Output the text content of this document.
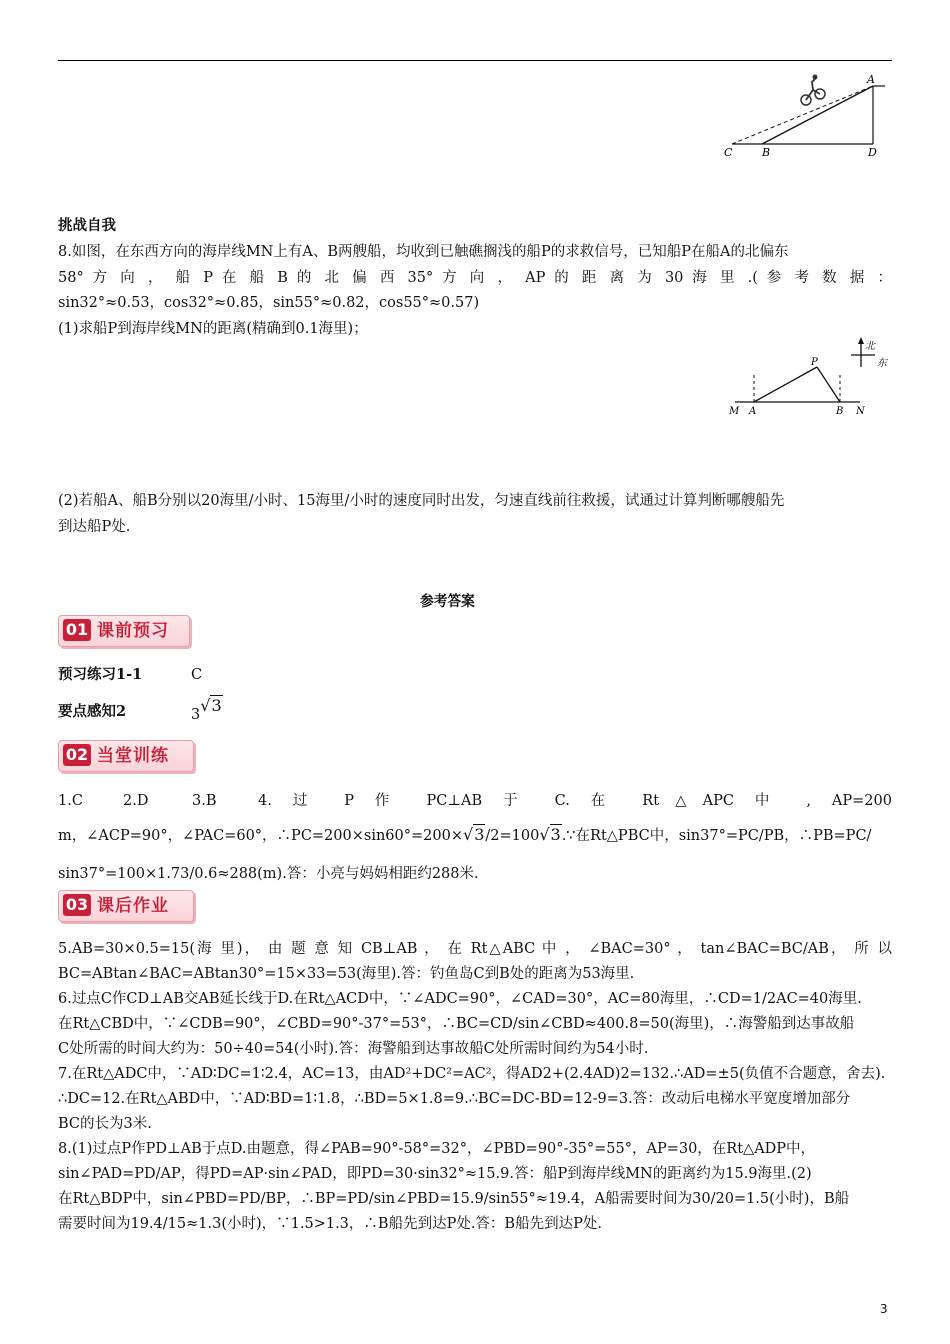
A
C	B	D
挑战自我
8.如图，在东西方向的海岸线MN上有A、B两艘船，均收到已触礁搁浅的船P的求救信号，已知船P在船A的北偏东
58° 方 向 ， 船 P 在 船 B 的 北 偏 西 35° 方 向 ， AP 的 距 离 为 30 海 里 .( 参 考 数 据 ：
sin32°≈0.53，cos32°≈0.85，sin55°≈0.82，cos55°≈0.57)
(1)求船P到海岸线MN的距离(精确到0.1海里)；
北
东
P
M A	B N
(2)若船A、船B分别以20海里/小时、15海里/小时的速度同时出发，匀速直线前往救援，试通过计算判断哪艘船先
到达船P处.
参考答案
01 课前预习
预习练习1-1	C
要点感知2	3√3
02 当堂训练
1.C	2.D	3.B	4. 过 P 作 PC⊥AB 于 C. 在 Rt△APC 中 , AP=200
m，∠ACP=90°，∠PAC=60°，∴PC=200×sin60°=200×√3/2=100√3.∵在Rt△PBC中，sin37°=PC/PB，∴PB=PC/
sin37°=100×1.73/0.6≈288(m).答：小亮与妈妈相距约288米.
03 课后作业
5.AB=30×0.5=15(海 里)， 由 题 意 知 CB⊥AB ， 在 Rt△ABC 中 ， ∠BAC=30° ， tan∠BAC=BC/AB， 所 以
BC=ABtan∠BAC=ABtan30°=15×33=53(海里).答：钓鱼岛C到B处的距离为53海里.
6.过点C作CD⊥AB交AB延长线于D.在Rt△ACD中，∵∠ADC=90°，∠CAD=30°，AC=80海里，∴CD=1/2AC=40海里.
在Rt△CBD中，∵∠CDB=90°，∠CBD=90°-37°=53°，∴BC=CD/sin∠CBD≈400.8=50(海里)，∴海警船到达事故船
C处所需的时间大约为：50÷40=54(小时).答：海警船到达事故船C处所需时间约为54小时.
7.在Rt△ADC中，∵AD∶DC=1∶2.4，AC=13，由AD²+DC²=AC²，得AD2+(2.4AD)2=132.∴AD=±5(负值不合题意，舍去).
∴DC=12.在Rt△ABD中，∵AD∶BD=1∶1.8，∴BD=5×1.8=9.∴BC=DC-BD=12-9=3.答：改动后电梯水平宽度增加部分
BC的长为3米.
8.(1)过点P作PD⊥AB于点D.由题意，得∠PAB=90°-58°=32°，∠PBD=90°-35°=55°，AP=30，在Rt△ADP中，
sin∠PAD=PD/AP，得PD=AP·sin∠PAD，即PD=30·sin32°≈15.9.答：船P到海岸线MN的距离约为15.9海里.(2)
在Rt△BDP中，sin∠PBD=PD/BP，∴BP=PD/sin∠PBD=15.9/sin55°≈19.4，A船需要时间为30/20=1.5(小时)，B船
需要时间为19.4/15≈1.3(小时)，∵1.5>1.3，∴B船先到达P处.答：B船先到达P处.
3
